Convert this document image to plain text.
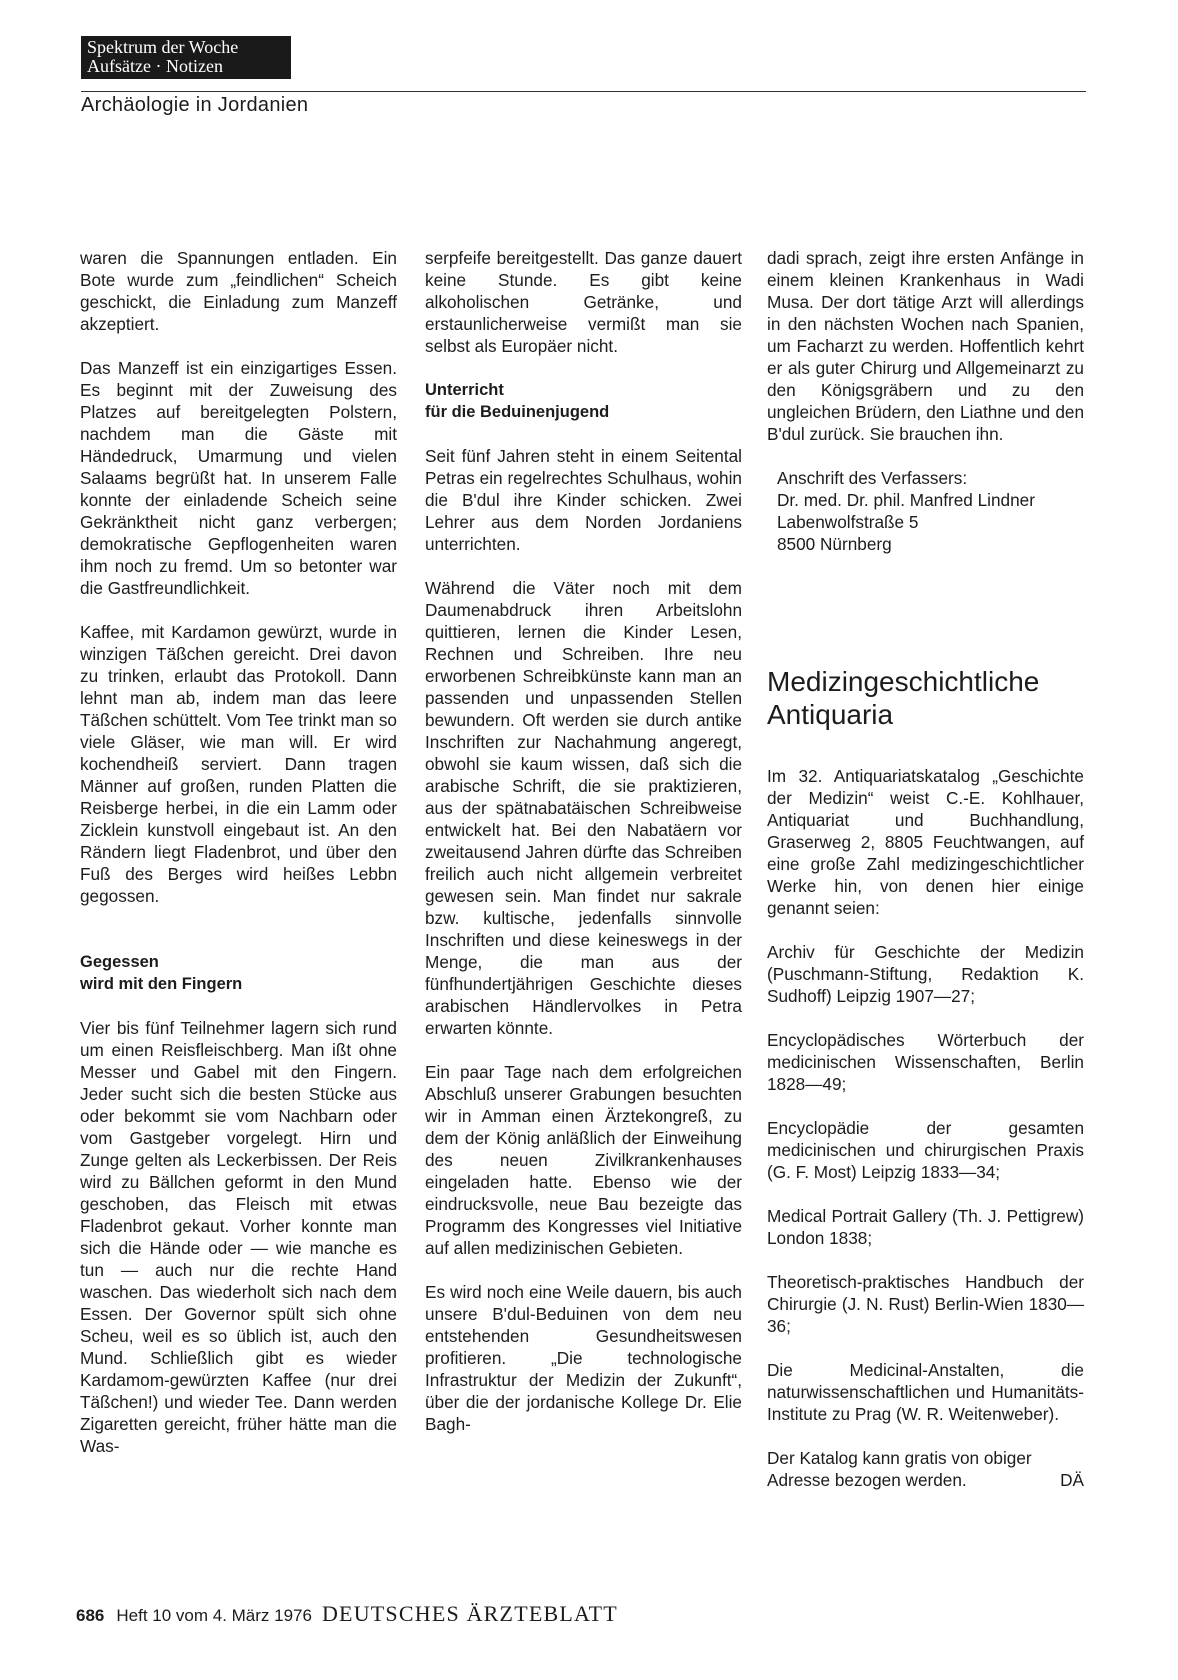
Spektrum der Woche
Aufsätze · Notizen
Archäologie in Jordanien

waren die Spannungen entladen. Ein Bote wurde zum „feindlichen“ Scheich geschickt, die Einladung zum Manzeff akzeptiert.

Das Manzeff ist ein einzigartiges Essen. Es beginnt mit der Zuweisung des Platzes auf bereitgelegten Polstern, nachdem man die Gäste mit Händedruck, Umarmung und vielen Salaams begrüßt hat. In unserem Falle konnte der einladende Scheich seine Gekränktheit nicht ganz verbergen; demokratische Gepflogenheiten waren ihm noch zu fremd. Um so betonter war die Gastfreundlichkeit.

Kaffee, mit Kardamon gewürzt, wurde in winzigen Täßchen gereicht. Drei davon zu trinken, erlaubt das Protokoll. Dann lehnt man ab, indem man das leere Täßchen schüttelt. Vom Tee trinkt man so viele Gläser, wie man will. Er wird kochendheiß serviert. Dann tragen Männer auf großen, runden Platten die Reisberge herbei, in die ein Lamm oder Zicklein kunstvoll eingebaut ist. An den Rändern liegt Fladenbrot, und über den Fuß des Berges wird heißes Lebbn gegossen.

Gegessen
wird mit den Fingern

Vier bis fünf Teilnehmer lagern sich rund um einen Reisfleischberg. Man ißt ohne Messer und Gabel mit den Fingern. Jeder sucht sich die besten Stücke aus oder bekommt sie vom Nachbarn oder vom Gastgeber vorgelegt. Hirn und Zunge gelten als Leckerbissen. Der Reis wird zu Bällchen geformt in den Mund geschoben, das Fleisch mit etwas Fladenbrot gekaut. Vorher konnte man sich die Hände oder — wie manche es tun — auch nur die rechte Hand waschen. Das wiederholt sich nach dem Essen. Der Governor spült sich ohne Scheu, weil es so üblich ist, auch den Mund. Schließlich gibt es wieder Kardamom-gewürzten Kaffee (nur drei Täßchen!) und wieder Tee. Dann werden Zigaretten gereicht, früher hätte man die Was-

serpfeife bereitgestellt. Das ganze dauert keine Stunde. Es gibt keine alkoholischen Getränke, und erstaunlicherweise vermißt man sie selbst als Europäer nicht.

Unterricht
für die Beduinenjugend

Seit fünf Jahren steht in einem Seitental Petras ein regelrechtes Schulhaus, wohin die B'dul ihre Kinder schicken. Zwei Lehrer aus dem Norden Jordaniens unterrichten.

Während die Väter noch mit dem Daumenabdruck ihren Arbeitslohn quittieren, lernen die Kinder Lesen, Rechnen und Schreiben. Ihre neu erworbenen Schreibkünste kann man an passenden und unpassenden Stellen bewundern. Oft werden sie durch antike Inschriften zur Nachahmung angeregt, obwohl sie kaum wissen, daß sich die arabische Schrift, die sie praktizieren, aus der spätnabatäischen Schreibweise entwickelt hat. Bei den Nabatäern vor zweitausend Jahren dürfte das Schreiben freilich auch nicht allgemein verbreitet gewesen sein. Man findet nur sakrale bzw. kultische, jedenfalls sinnvolle Inschriften und diese keineswegs in der Menge, die man aus der fünfhundertjährigen Geschichte dieses arabischen Händlervolkes in Petra erwarten könnte.

Ein paar Tage nach dem erfolgreichen Abschluß unserer Grabungen besuchten wir in Amman einen Ärztekongreß, zu dem der König anläßlich der Einweihung des neuen Zivilkrankenhauses eingeladen hatte. Ebenso wie der eindrucksvolle, neue Bau bezeigte das Programm des Kongresses viel Initiative auf allen medizinischen Gebieten.

Es wird noch eine Weile dauern, bis auch unsere B'dul-Beduinen von dem neu entstehenden Gesundheitswesen profitieren. „Die technologische Infrastruktur der Medizin der Zukunft“, über die der jordanische Kollege Dr. Elie Bagh-

dadi sprach, zeigt ihre ersten Anfänge in einem kleinen Krankenhaus in Wadi Musa. Der dort tätige Arzt will allerdings in den nächsten Wochen nach Spanien, um Facharzt zu werden. Hoffentlich kehrt er als guter Chirurg und Allgemeinarzt zu den Königsgräbern und zu den ungleichen Brüdern, den Liathne und den B'dul zurück. Sie brauchen ihn.

Anschrift des Verfassers:
Dr. med. Dr. phil. Manfred Lindner
Labenwolfstraße 5
8500 Nürnberg
Medizingeschichtliche
Antiquaria

Im 32. Antiquariatskatalog „Geschichte der Medizin“ weist C.-E. Kohlhauer, Antiquariat und Buchhandlung, Graserweg 2, 8805 Feuchtwangen, auf eine große Zahl medizingeschichtlicher Werke hin, von denen hier einige genannt seien:

Archiv für Geschichte der Medizin (Puschmann-Stiftung, Redaktion K. Sudhoff) Leipzig 1907—27;

Encyclopädisches Wörterbuch der medicinischen Wissenschaften, Berlin 1828—49;

Encyclopädie der gesamten medicinischen und chirurgischen Praxis (G. F. Most) Leipzig 1833—34;

Medical Portrait Gallery (Th. J. Pettigrew) London 1838;

Theoretisch-praktisches Handbuch der Chirurgie (J. N. Rust) Berlin-Wien 1830—36;

Die Medicinal-Anstalten, die naturwissenschaftlichen und Humanitäts-Institute zu Prag (W. R. Weitenweber).

Der Katalog kann gratis von obiger Adresse bezogen werden.	DÄ

686 Heft 10 vom 4. März 1976 DEUTSCHES ÄRZTEBLATT
